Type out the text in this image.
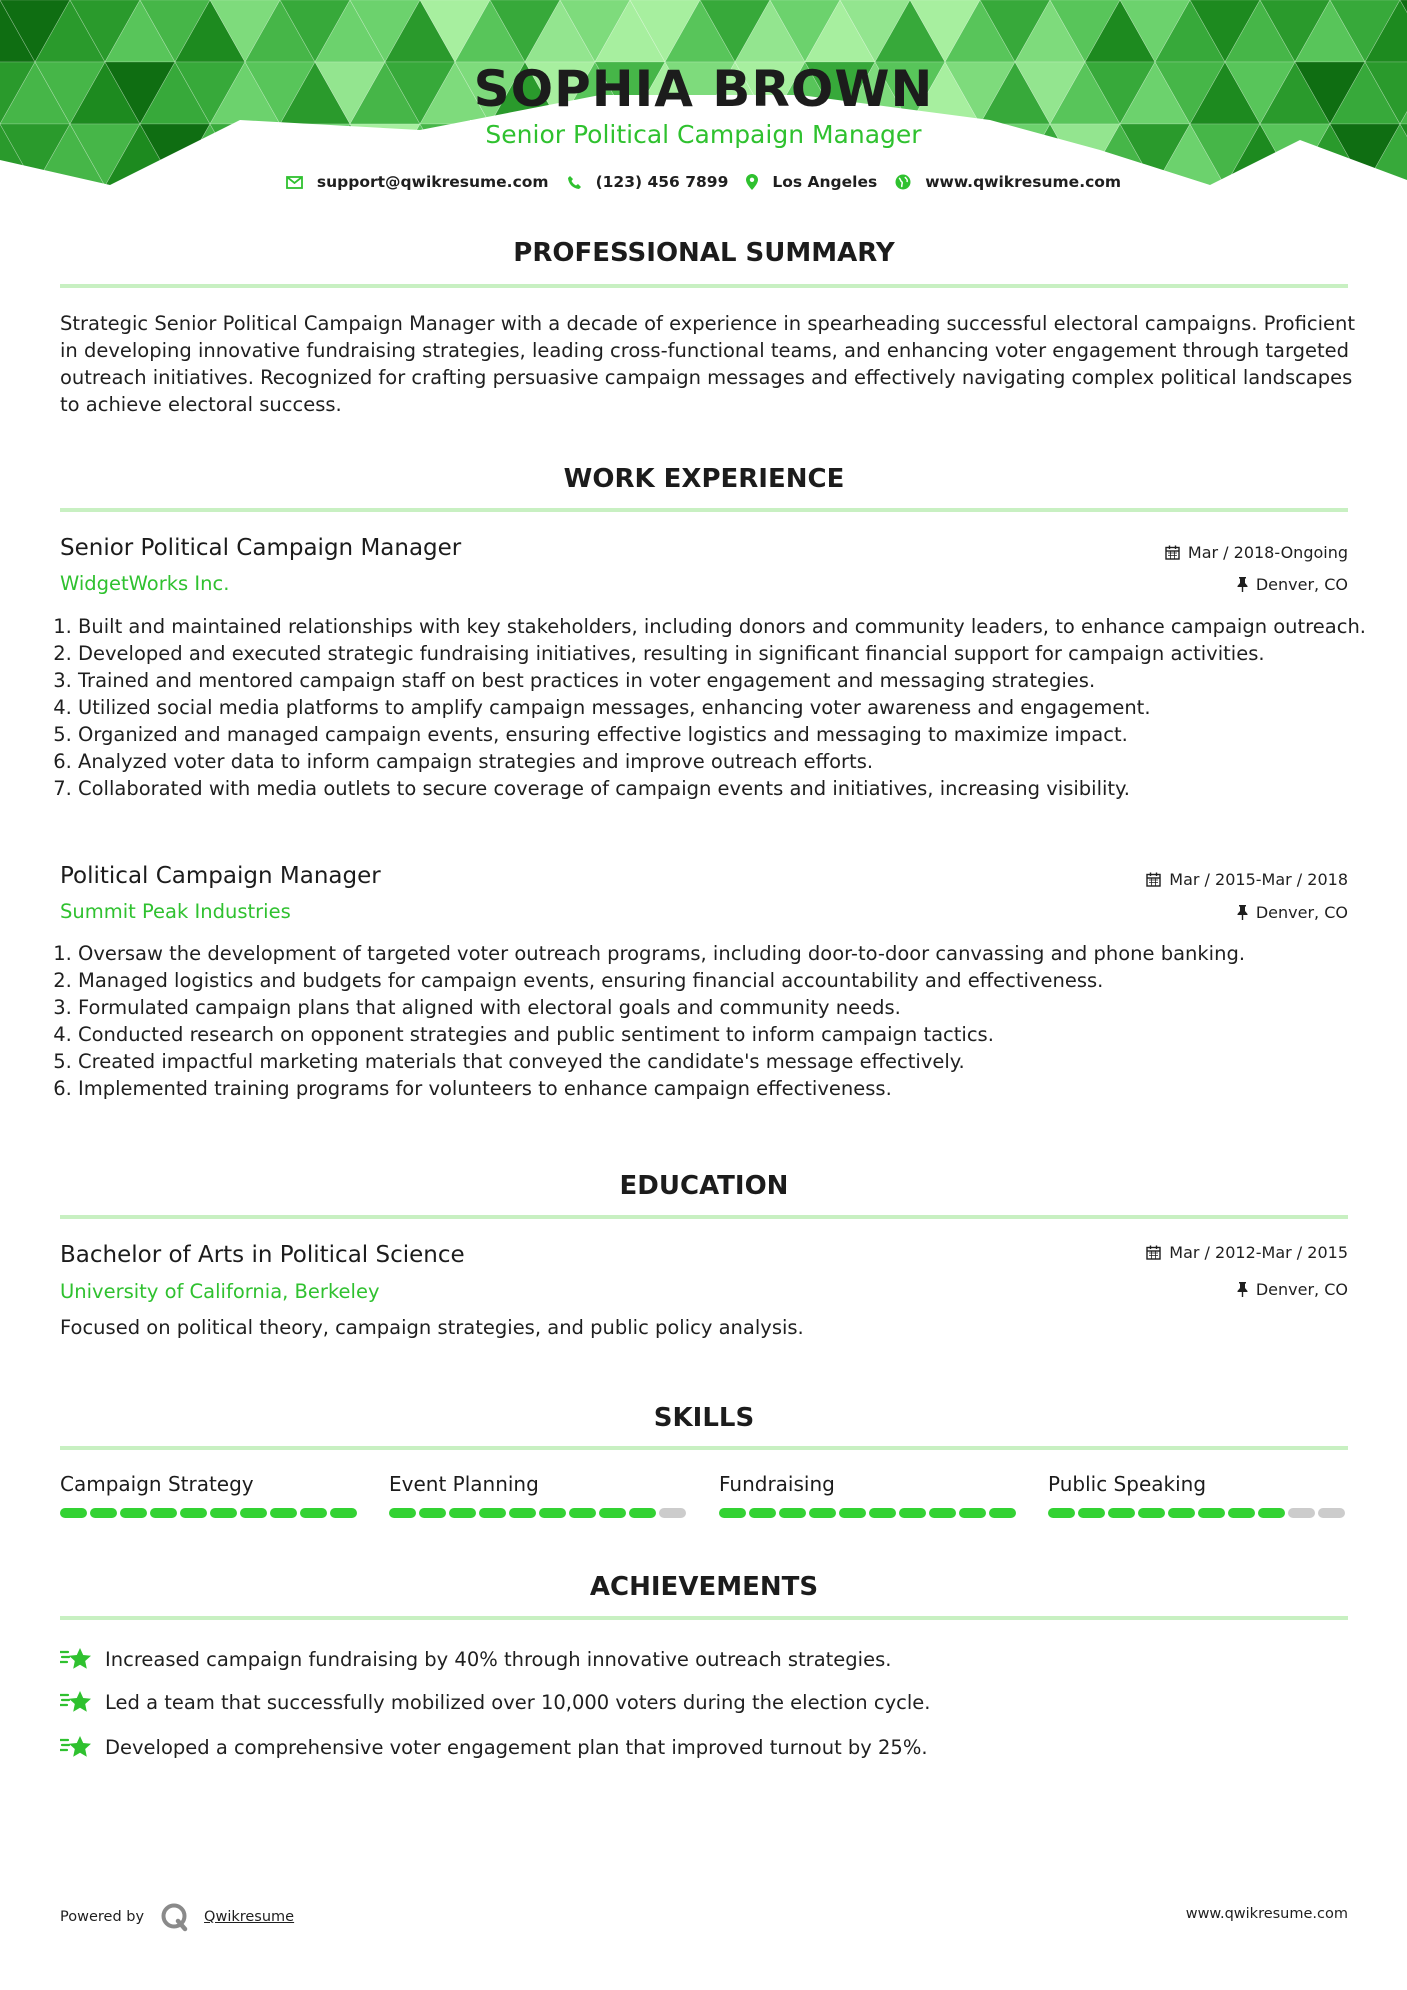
SOPHIA BROWN
Senior Political Campaign Manager
support@qwikresume.com	(123) 456 7899	Los Angeles	www.qwikresume.com
PROFESSIONAL SUMMARY
Strategic Senior Political Campaign Manager with a decade of experience in spearheading successful electoral campaigns. Proficient in developing innovative fundraising strategies, leading cross-functional teams, and enhancing voter engagement through targeted outreach initiatives. Recognized for crafting persuasive campaign messages and effectively navigating complex political landscapes to achieve electoral success.
WORK EXPERIENCE
Senior Political Campaign Manager	Mar / 2018-Ongoing
WidgetWorks Inc.	Denver, CO
1. Built and maintained relationships with key stakeholders, including donors and community leaders, to enhance campaign outreach.
2. Developed and executed strategic fundraising initiatives, resulting in significant financial support for campaign activities.
3. Trained and mentored campaign staff on best practices in voter engagement and messaging strategies.
4. Utilized social media platforms to amplify campaign messages, enhancing voter awareness and engagement.
5. Organized and managed campaign events, ensuring effective logistics and messaging to maximize impact.
6. Analyzed voter data to inform campaign strategies and improve outreach efforts.
7. Collaborated with media outlets to secure coverage of campaign events and initiatives, increasing visibility.
Political Campaign Manager	Mar / 2015-Mar / 2018
Summit Peak Industries	Denver, CO
1. Oversaw the development of targeted voter outreach programs, including door-to-door canvassing and phone banking.
2. Managed logistics and budgets for campaign events, ensuring financial accountability and effectiveness.
3. Formulated campaign plans that aligned with electoral goals and community needs.
4. Conducted research on opponent strategies and public sentiment to inform campaign tactics.
5. Created impactful marketing materials that conveyed the candidate's message effectively.
6. Implemented training programs for volunteers to enhance campaign effectiveness.
EDUCATION
Bachelor of Arts in Political Science	Mar / 2012-Mar / 2015
University of California, Berkeley	Denver, CO
Focused on political theory, campaign strategies, and public policy analysis.
SKILLS
Campaign Strategy	Event Planning	Fundraising	Public Speaking
ACHIEVEMENTS
Increased campaign fundraising by 40% through innovative outreach strategies.
Led a team that successfully mobilized over 10,000 voters during the election cycle.
Developed a comprehensive voter engagement plan that improved turnout by 25%.
Powered by	Qwikresume	www.qwikresume.com
